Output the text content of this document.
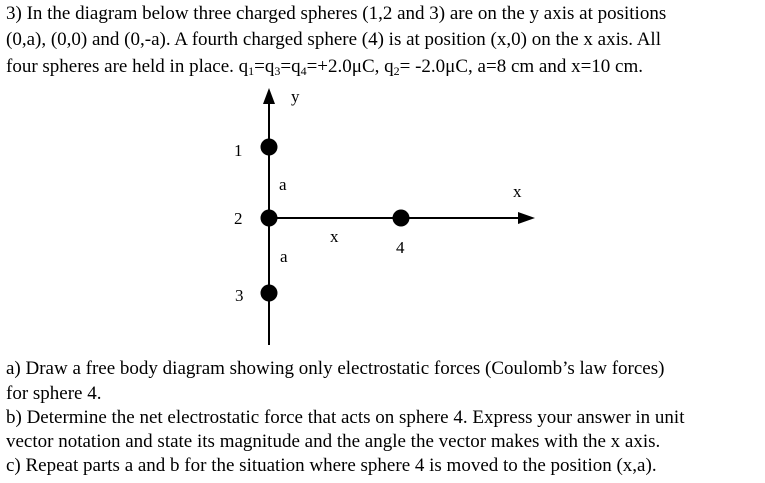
3) In the diagram below three charged spheres (1,2 and 3) are on the y axis at positions
(0,a), (0,0) and (0,-a). A fourth charged sphere (4) is at position (x,0) on the x axis. All
four spheres are held in place. $q_1=q_3=q_4=+2.0\mu C$, $q_2= -2.0\mu C$, a=8 cm and x=10 cm.
y
x
1
2
3
4
a
a
x
a) Draw a free body diagram showing only electrostatic forces (Coulomb’s law forces)
for sphere 4.
b) Determine the net electrostatic force that acts on sphere 4. Express your answer in unit
vector notation and state its magnitude and the angle the vector makes with the x axis.
c) Repeat parts a and b for the situation where sphere 4 is moved to the position (x,a).
